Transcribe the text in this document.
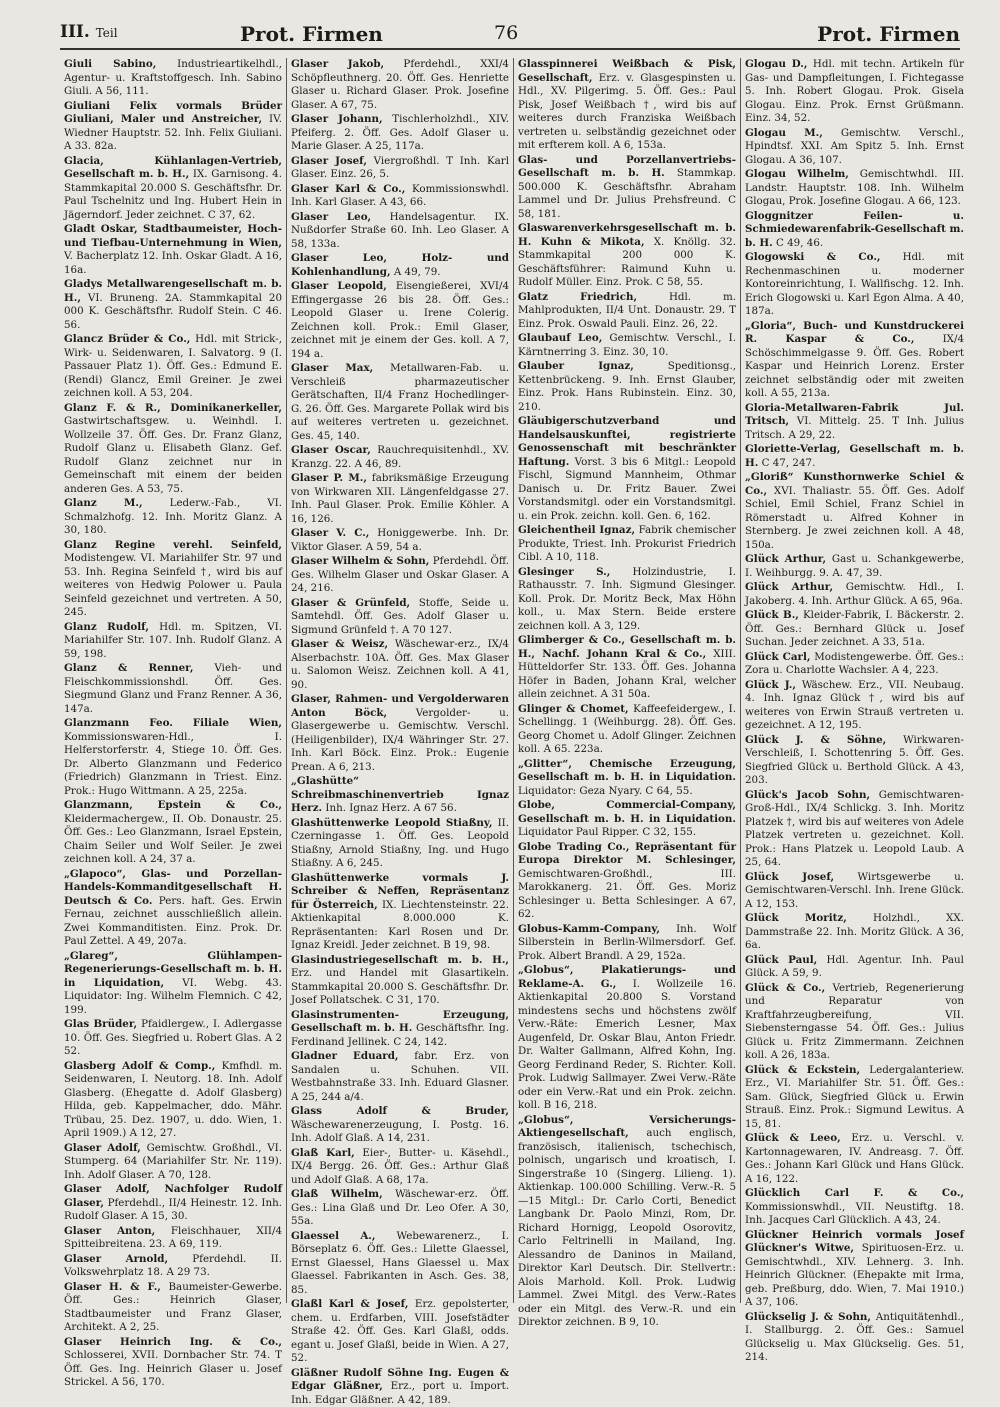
III. Teil	Prot. Firmen	76	Prot. Firmen
Giuli Sabino, Industrieartikelhdl., Agentur- u. Kraftstoffgesch. Inh. Sabino Giuli. A 56, 111.
Giuliani Felix vormals Brüder Giuliani, Maler und Anstreicher, IV. Wiedner Hauptstr. 52. Inh. Felix Giuliani. A 33. 82a.
Glacia, Kühlanlagen-Vertrieb, Gesellschaft m. b. H., IX. Garnisong. 4. Stammkapital 20.000 S. Geschäftsfhr. Dr. Paul Tschelnitz und Ing. Hubert Hein in Jägerndorf. Jeder zeichnet. C 37, 62.
Gladt Oskar, Stadtbaumeister, Hoch- und Tiefbau-Unternehmung in Wien, V. Bacherplatz 12. Inh. Oskar Gladt. A 16, 16a.
Gladys Metallwarengesellschaft m. b. H., VI. Bruneng. 2A. Stammkapital 20 000 K. Geschäftsfhr. Rudolf Stein. C 46. 56.
Glancz Brüder & Co., Hdl. mit Strick-, Wirk- u. Seidenwaren, I. Salvatorg. 9 (I. Passauer Platz 1). Öff. Ges.: Edmund E. (Rendi) Glancz, Emil Greiner. Je zwei zeichnen koll. A 53, 204.
Glanz F. & R., Dominikanerkeller, Gastwirtschaftsgew. u. Weinhdl. I. Wollzeile 37. Öff. Ges. Dr. Franz Glanz, Rudolf Glanz u. Elisabeth Glanz. Gef. Rudolf Glanz zeichnet nur in Gemeinschaft mit einem der beiden anderen Ges. A 53, 75.
Glanz M.,	Lederw.-Fab., VI. Schmalzhofg. 12. Inh. Moritz Glanz. A 30, 180.
Glanz Regine verehl. Seinfeld, Modistengew. VI. Mariahilfer Str. 97 und 53. Inh. Regina Seinfeld †, wird bis auf weiteres von Hedwig Polower u. Paula Seinfeld gezeichnet und vertreten. A 50, 245.
Glanz Rudolf, Hdl. m. Spitzen, VI. Mariahilfer Str. 107. Inh. Rudolf Glanz. A 59, 198.
Glanz & Renner, Vieh- und Fleischkommissionshdl. Öff. Ges. Siegmund Glanz und Franz Renner. A 36, 147a.
Glanzmann Feo. Filiale Wien, Kommissionswaren-Hdl., I. Helferstorferstr. 4, Stiege 10. Öff. Ges. Dr. Alberto Glanzmann und Federico (Friedrich) Glanzmann in Triest. Einz. Prok.: Hugo Wittmann. A 25, 225a.
Glanzmann, Epstein & Co., Kleidermachergew., II. Ob. Donaustr. 25. Öff. Ges.: Leo Glanzmann, Israel Epstein, Chaim Seiler und Wolf Seiler. Je zwei zeichnen koll. A 24, 37 a.
„Glapoco“, Glas- und Porzellan-Handels-Kommanditgesellschaft H. Deutsch & Co. Pers. haft. Ges. Erwin Fernau, zeichnet ausschließlich allein. Zwei Kommanditisten. Einz. Prok. Dr. Paul Zettel. A 49, 207a.
„Glareg“, Glühlampen-Regenerierungs-Gesellschaft m. b. H. in Liquidation, VI. Webg. 43. Liquidator: Ing. Wilhelm Flemnich. C 42, 199.
Glas Brüder, Pfaidlergew., I. Adlergasse 10. Öff. Ges. Siegfried u. Robert Glas. A 2 52.
Glasberg Adolf & Comp., Kmfhdl. m. Seidenwaren, I. Neutorg. 18. Inh. Adolf Glasberg. (Ehegatte d. Adolf Glasberg) Hilda, geb. Kappelmacher, ddo. Mähr. Trübau, 25. Dez. 1907, u. ddo. Wien, 1. April 1909.) A 12, 27.
Glaser Adolf, Gemischtw. Großhdl., VI. Stumperg. 64 (Mariahilfer Str. Nr. 119). Inh. Adolf Glaser. A 70, 128.
Glaser Adolf, Nachfolger Rudolf Glaser, Pferdehdl., II/4 Heinestr. 12. Inh. Rudolf Glaser. A 15, 30.
Glaser Anton, Fleischhauer, XII/4 Spitteibreitena. 23. A 69, 119.
Glaser Arnold, Pferdehdl. II. Volkswehrplatz 18. A 29 73.
Glaser H. & F., Baumeister-Gewerbe. Öff. Ges.: Heinrich Glaser, Stadtbaumeister und Franz Glaser, Architekt. A 2, 25.
Glaser Heinrich Ing. & Co., Schlosserei, XVII. Dornbacher Str. 74. T Öff. Ges. Ing. Heinrich Glaser u. Josef Strickel. A 56, 170.
Glaser Jakob, Pferdehdl., XXI/4 Schöpfleuthnerg. 20. Öff. Ges. Henriette Glaser u. Richard Glaser. Prok. Josefine Glaser. A 67, 75.
Glaser Johann, Tischlerholzhdl., XIV. Pfeiferg. 2. Öff. Ges. Adolf Glaser u. Marie Glaser. A 25, 117a.
Glaser Josef, Viergroßhdl. T Inh. Karl Glaser. Einz. 26, 5.
Glaser Karl & Co., Kommissionswhdl. Inh. Karl Glaser. A 43, 66.
Glaser Leo, Handelsagentur. IX. Nußdorfer Straße 60. Inh. Leo Glaser. A 58, 133a.
Glaser Leo, Holz- und Kohlenhandlung, A 49, 79.
Glaser Leopold, Eisengießerei, XVI/4 Effingergasse 26 bis 28. Öff. Ges.: Leopold Glaser u. Irene Colerig. Zeichnen koll. Prok.: Emil Glaser, zeichnet mit je einem der Ges. koll. A 7, 194 a.
Glaser Max, Metallwaren-Fab. u. Verschleiß pharmazeutischer Gerätschaften, II/4 Franz Hochedlinger-G. 26. Öff. Ges. Margarete Pollak wird bis auf weiteres vertreten u. gezeichnet. Ges. 45, 140.
Glaser Oscar, Rauchrequisitenhdl., XV. Kranzg. 22. A 46, 89.
Glaser P. M., fabriksmäßige Erzeugung von Wirkwaren XII. Längenfeldgasse 27. Inh. Paul Glaser. Prok. Emilie Köhler. A 16, 126.
Glaser V. C., Honiggewerbe. Inh. Dr. Viktor Glaser. A 59, 54 a.
Glaser Wilhelm & Sohn, Pferdehdl. Öff. Ges. Wilhelm Glaser und Oskar Glaser. A 24, 216.
Glaser & Grünfeld, Stoffe, Seide u. Samtehdl. Öff. Ges. Adolf Glaser u. Sigmund Grünfeld †. A 70 127.
Glaser & Weisz, Wäschewar-erz., IX/4 Alserbachstr. 10A. Öff. Ges. Max Glaser u. Salomon Weisz. Zeichnen koll. A 41, 90.
Glaser, Rahmen- und Vergolderwaren Anton Böck,	Vergolder- u. Glasergewerbe u. Gemischtw. Verschl. (Heiligenbilder), IX/4 Währinger Str. 27. Inh. Karl Böck. Einz. Prok.: Eugenie Prean. A 6, 213.
„Glashütte“ Schreibmaschinenvertrieb Ignaz Herz. Inh. Ignaz Herz. A 67 56.
Glashüttenwerke Leopold Stiaßny, II. Czerningasse 1. Öff. Ges. Leopold Stiaßny, Arnold Stiaßny, Ing. und Hugo Stiaßny. A 6, 245.
Glashüttenwerke vormals J. Schreiber & Neffen, Repräsentanz für Österreich, IX. Liechtensteinstr. 22. Aktienkapital 8.000.000 K. Repräsentanten: Karl Rosen und Dr. Ignaz Kreidl. Jeder zeichnet. B 19, 98.
Glasindustriegesellschaft m. b. H., Erz. und Handel mit Glasartikeln. Stammkapital 20.000 S. Geschäftsfhr. Dr. Josef Pollatschek. C 31, 170.
Glasinstrumenten- Erzeugung, Gesellschaft m. b. H. Geschäftsfhr. Ing. Ferdinand Jellinek. C 24, 142.
Gladner Eduard, fabr. Erz. von Sandalen u. Schuhen. VII. Westbahnstraße 33. Inh. Eduard Glasner. A 25, 244 a/4.
Glass Adolf & Bruder, Wäschewarenerzeugung, I. Postg. 16. Inh. Adolf Glaß. A 14, 231.
Glaß Karl, Eier-, Butter- u. Käsehdl., IX/4 Bergg. 26. Öff. Ges.: Arthur Glaß und Adolf Glaß. A 68, 17a.
Glaß Wilhelm, Wäschewar-erz. Öff. Ges.: Lina Glaß und Dr. Leo Ofer. A 30, 55a.
Glaessel A., Webewarenerz., I. Börseplatz 6. Öff. Ges.: Lilette Glaessel, Ernst Glaessel, Hans Glaessel u. Max Glaessel. Fabrikanten in Asch. Ges. 38, 85.
Glaßl Karl & Josef, Erz. gepolsterter, chem. u. Erdfarben, VIII. Josefstädter Straße 42. Öff. Ges. Karl Glaßl, odds. egant u. Josef Glaßl, beide in Wien. A 27, 52.
Gläßner Rudolf Söhne Ing. Eugen & Edgar Gläßner, Erz., port u. Import. Inh. Edgar Gläßner. A 42, 189.
Glasspinnerei Weißbach & Pisk, Gesellschaft, Erz. v. Glasgespinsten u. Hdl., XV. Pilgerimg. 5. Öff. Ges.: Paul Pisk, Josef Weißbach †, wird bis auf weiteres durch Franziska Weißbach vertreten u. selbständig gezeichnet oder mit erfterem koll. A 6, 153a.
Glas- und Porzellanvertriebs-Gesellschaft m. b. H. Stammkap. 500.000 K. Geschäftsfhr. Abraham Lammel und Dr. Julius Prehsfreund. C 58, 181.
Glaswarenverkehrsgesellschaft m. b. H. Kuhn & Mikota, X. Knöllg. 32. Stammkapital 200 000 K. Geschäftsführer: Raimund Kuhn u. Rudolf Müller. Einz. Prok. C 58, 55.
Glatz Friedrich,	Hdl. m. Mahlprodukten, II/4 Unt. Donaustr. 29. T Einz. Prok. Oswald Pauli. Einz. 26, 22.
Glaubauf Leo, Gemischtw. Verschl., I. Kärntnerring 3. Einz. 30, 10.
Glauber Ignaz,	Speditionsg., Kettenbrückeng. 9. Inh. Ernst Glauber, Einz. Prok. Hans Rubinstein. Einz. 30, 210.
Gläubigerschutzverband und Handelsauskunftei, registrierte Genossenschaft mit beschränkter Haftung. Vorst. 3 bis 6 Mitgl.: Leopold Fischl, Sigmund Mannheim, Othmar Danisch u. Dr. Fritz Bauer. Zwei Vorstandsmitgl. oder ein Vorstandsmitgl. u. ein Prok. zeichn. koll. Gen. 6, 162.
Gleichentheil Ignaz, Fabrik chemischer Produkte, Triest. Inh. Prokurist Friedrich Cibl. A 10, 118.
Glesinger S., Holzindustrie, I. Rathausstr. 7. Inh. Sigmund Glesinger. Koll. Prok. Dr. Moritz Beck, Max Höhn koll., u. Max Stern. Beide erstere zeichnen koll. A 3, 129.
Glimberger & Co., Gesellschaft m. b. H., Nachf. Johann Kral & Co., XIII. Hütteldorfer Str. 133. Öff. Ges. Johanna Höfer in Baden, Johann Kral, welcher allein zeichnet. A 31 50a.
Glinger & Chomet, Kaffeefeidergew., I. Schellingg. 1 (Weihburgg. 28). Öff. Ges. Georg Chomet u. Adolf Glinger. Zeichnen koll. A 65. 223a.
„Glitter“, Chemische Erzeugung, Gesellschaft m. b. H. in Liquidation. Liquidator: Geza Nyary. C 64, 55.
Globe, Commercial-Company, Gesellschaft m. b. H. in Liquidation. Liquidator Paul Ripper. C 32, 155.
Globe Trading Co., Repräsentant für Europa Direktor M. Schlesinger, Gemischtwaren-Großhdl., III. Marokkanerg. 21. Öff. Ges. Moriz Schlesinger u. Betta Schlesinger. A 67, 62.
Globus-Kamm-Company, Inh. Wolf Silberstein in Berlin-Wilmersdorf. Gef. Prok. Albert Brandl. A 29, 152a.
„Globus“, Plakatierungs- und Reklame-A. G., I. Wollzeile 16. Aktienkapital 20.800 S. Vorstand mindestens sechs und höchstens zwölf Verw.-Räte: Emerich Lesner, Max Augenfeld, Dr. Oskar Blau, Anton Friedr. Dr. Walter Gallmann, Alfred Kohn, Ing. Georg Ferdinand Reder, S. Richter. Koll. Prok. Ludwig Sallmayer. Zwei Verw.-Räte oder ein Verw.-Rat und ein Prok. zeichn. koll. B 16, 218.
„Globus“, Versicherungs-Aktiengesellschaft, auch englisch, französisch, italienisch, tschechisch, polnisch, ungarisch und kroatisch, I. Singerstraße 10 (Singerg. Lilieng. 1). Aktienkap. 100.000 Schilling. Verw.-R. 5—15 Mitgl.: Dr. Carlo Corti, Benedict Langbank Dr. Paolo Minzi, Rom, Dr. Richard Hornigg, Leopold Osorovitz, Carlo Feltrinelli in Mailand, Ing. Alessandro de Daninos in Mailand, Direktor Karl Deutsch. Dir. Stellvertr.: Alois Marhold. Koll. Prok. Ludwig Lammel. Zwei Mitgl. des Verw.-Rates oder ein Mitgl. des Verw.-R. und ein Direktor zeichnen. B 9, 10.
Glogau D., Hdl. mit techn. Artikeln für Gas- und Dampfleitungen, I. Fichtegasse 5. Inh. Robert Glogau. Prok. Gisela Glogau. Einz. Prok. Ernst Grüßmann. Einz. 34, 52.
Glogau M., Gemischtw. Verschl., Hpindtsf. XXI. Am Spitz 5. Inh. Ernst Glogau. A 36, 107.
Glogau Wilhelm, Gemischtwhdl. III. Landstr. Hauptstr. 108. Inh. Wilhelm Glogau, Prok. Josefine Glogau. A 66, 123.
Gloggnitzer Feilen- u. Schmiedewarenfabrik-Gesellschaft m. b. H. C 49, 46.
Glogowski & Co., Hdl. mit Rechenmaschinen u. moderner Kontoreinrichtung, I. Wallfischg. 12. Inh. Erich Glogowski u. Karl Egon Alma. A 40, 187a.
„Gloria“, Buch- und Kunstdruckerei R. Kaspar & Co.,	IX/4 Schöschimmelgasse 9. Öff. Ges. Robert Kaspar und Heinrich Lorenz. Erster zeichnet selbständig oder mit zweiten koll. A 55, 213a.
Gloria-Metallwaren-Fabrik Jul. Tritsch, VI. Mittelg. 25. T Inh. Julius Tritsch. A 29, 22.
Gloriette-Verlag, Gesellschaft m. b. H. C 47, 247.
„Gloriß“ Kunsthornwerke Schiel & Co., XVI. Thaliastr. 55. Öff. Ges. Adolf Schiel, Emil Schiel, Franz Schiel in Römerstadt u. Alfred Kohner in Sternberg. Je zwei zeichnen koll. A 48, 150a.
Glück Arthur, Gast u. Schankgewerbe, I. Weihburgg. 9. A. 47, 39.
Glück Arthur, Gemischtw. Hdl., I. Jakoberg. 4. Inh. Arthur Glück. A 65, 96a.
Glück B., Kleider-Fabrik, I. Bäckerstr. 2. Öff. Ges.: Bernhard Glück u. Josef Suchan. Jeder zeichnet. A 33, 51a.
Glück Carl, Modistengewerbe. Öff. Ges.: Zora u. Charlotte Wachsler. A 4, 223.
Glück J., Wäschew. Erz., VII. Neubaug. 4. Inh. Ignaz Glück †, wird bis auf weiteres von Erwin Strauß vertreten u. gezeichnet. A 12, 195.
Glück J. & Söhne, Wirkwaren-Verschleiß, I. Schottenring 5. Öff. Ges. Siegfried Glück u. Berthold Glück. A 43, 203.
Glück's Jacob Sohn, Gemischtwaren-Groß-Hdl., IX/4 Schlickg. 3. Inh. Moritz Platzek †, wird bis auf weiteres von Adele Platzek vertreten u. gezeichnet. Koll. Prok.: Hans Platzek u. Leopold Laub. A 25, 64.
Glück Josef, Wirtsgewerbe u. Gemischtwaren-Verschl. Inh. Irene Glück. A 12, 153.
Glück Moritz,	Holzhdl., XX. Dammstraße 22. Inh. Moritz Glück. A 36, 6a.
Glück Paul, Hdl. Agentur. Inh. Paul Glück. A 59, 9.
Glück & Co., Vertrieb, Regenerierung und Reparatur von Kraftfahrzeugbereifung, VII. Siebensterngasse 54. Öff. Ges.: Julius Glück u. Fritz Zimmermann. Zeichnen koll. A 26, 183a.
Glück & Eckstein, Ledergalanteriew. Erz., VI. Mariahilfer Str. 51. Öff. Ges.: Sam. Glück, Siegfried Glück u. Erwin Strauß. Einz. Prok.: Sigmund Lewitus. A 15, 81.
Glück & Leeo, Erz. u. Verschl. v. Kartonnagewaren, IV. Andreasg. 7. Öff. Ges.: Johann Karl Glück und Hans Glück. A 16, 122.
Glücklich Carl F. & Co., Kommissionswhdl., VII. Neustiftg. 18. Inh. Jacques Carl Glücklich. A 43, 24.
Glückner Heinrich vormals Josef Glückner's Witwe, Spirituosen-Erz. u. Gemischtwhdl., XIV. Lehnerg. 3. Inh. Heinrich Glückner. (Ehepakte mit Irma, geb. Preßburg, ddo. Wien, 7. Mai 1910.) A 37, 106.
Glückselig J. & Sohn, Antiquitätenhdl., I. Stallburgg. 2. Öff. Ges.: Samuel Glückselig u. Max Glückselig. Ges. 51, 214.
